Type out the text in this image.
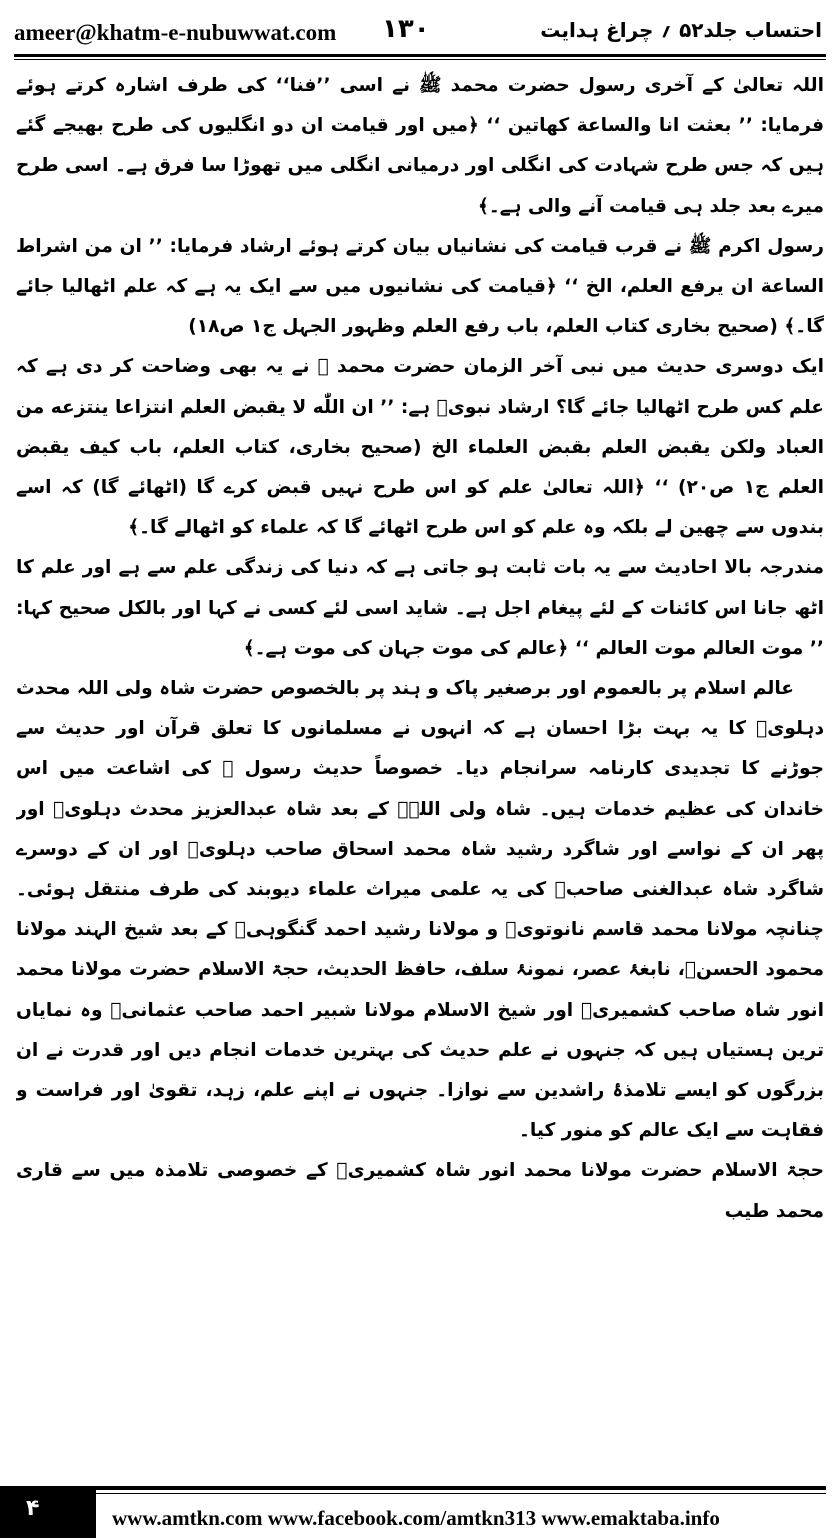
ameer@khatm-e-nubuwwat.com ۱۳۰	احتساب جلد۵۲ ؍ چراغ ہدایت

اللہ تعالیٰ کے آخری رسول حضرت محمد ﷺ نے اسی ’’فنا‘‘ کی طرف اشارہ کرتے ہوئے فرمایا: ’’ بعثت انا والساعة کهاتين ‘‘ ﴿میں اور قیامت ان دو انگلیوں کی طرح بھیجے گئے ہیں کہ جس طرح شہادت کی انگلی اور درمیانی انگلی میں تھوڑا سا فرق ہے۔ اسی طرح میرے بعد جلد ہی قیامت آنے والی ہے۔﴾

رسول اکرم ﷺ نے قرب قیامت کی نشانیاں بیان کرتے ہوئے ارشاد فرمایا: ’’ ان من اشراط الساعة ان يرفع العلم، الخ ‘‘ ﴿قیامت کی نشانیوں میں سے ایک یہ ہے کہ علم اٹھالیا جائے گا۔﴾ (صحیح بخاری کتاب العلم، باب رفع العلم وظہور الجہل ج۱ ص۱۸)

ایک دوسری حدیث میں نبی آخر الزمان حضرت محمد ﷺ نے یہ بھی وضاحت کر دی ہے کہ علم کس طرح اٹھالیا جائے گا؟ ارشاد نبویؐ ہے: ’’ ان اللّٰه لا يقبض العلم انتزاعا ينتزعه من العباد ولكن يقبض العلم بقبض العلماء الخ (صحيح بخاری، کتاب العلم، باب كيف يقبض العلم ج۱ ص۲۰) ‘‘ ﴿اللہ تعالیٰ علم کو اس طرح نہیں قبض کرے گا (اٹھائے گا) کہ اسے بندوں سے چھین لے بلکہ وہ علم کو اس طرح اٹھائے گا کہ علماء کو اٹھالے گا۔﴾

مندرجہ بالا احادیث سے یہ بات ثابت ہو جاتی ہے کہ دنیا کی زندگی علم سے ہے اور علم کا اٹھ جانا اس کائنات کے لئے پیغام اجل ہے۔ شاید اسی لئے کسی نے کہا اور بالکل صحیح کہا: ’’ موت العالم موت العالم ‘‘ ﴿عالم کی موت جہان کی موت ہے۔﴾

عالم اسلام پر بالعموم اور برصغیر پاک و ہند پر بالخصوص حضرت شاہ ولی اللہ محدث دہلویؒ کا یہ بہت بڑا احسان ہے کہ انہوں نے مسلمانوں کا تعلق قرآن اور حدیث سے جوڑنے کا تجدیدی کارنامہ سرانجام دیا۔ خصوصاً حدیث رسول ﷺ کی اشاعت میں اس خاندان کی عظیم خدمات ہیں۔ شاہ ولی اللہؒ کے بعد شاہ عبدالعزیز محدث دہلویؒ اور پھر ان کے نواسے اور شاگرد رشید شاہ محمد اسحاق صاحب دہلویؒ اور ان کے دوسرے شاگرد شاہ عبدالغنی صاحبؒ کی یہ علمی میراث علماء دیوبند کی طرف منتقل ہوئی۔ چنانچہ مولانا محمد قاسم نانوتویؒ و مولانا رشید احمد گنگوہیؒ کے بعد شیخ الہند مولانا محمود الحسنؒ، نابغۂ عصر، نمونۂ سلف، حافظ الحدیث، حجۃ الاسلام حضرت مولانا محمد انور شاہ صاحب کشمیریؒ اور شیخ الاسلام مولانا شبیر احمد صاحب عثمانیؒ وہ نمایاں ترین ہستیاں ہیں کہ جنہوں نے علم حدیث کی بہترین خدمات انجام دیں اور قدرت نے ان بزرگوں کو ایسے تلامذۂ راشدین سے نوازا۔ جنہوں نے اپنے علم، زہد، تقویٰ اور فراست و فقاہت سے ایک عالم کو منور کیا۔

حجۃ الاسلام حضرت مولانا محمد انور شاہ کشمیریؒ کے خصوصی تلامذہ میں سے قاری محمد طیب

۴	www.amtkn.com www.facebook.com/amtkn313 www.emaktaba.info
